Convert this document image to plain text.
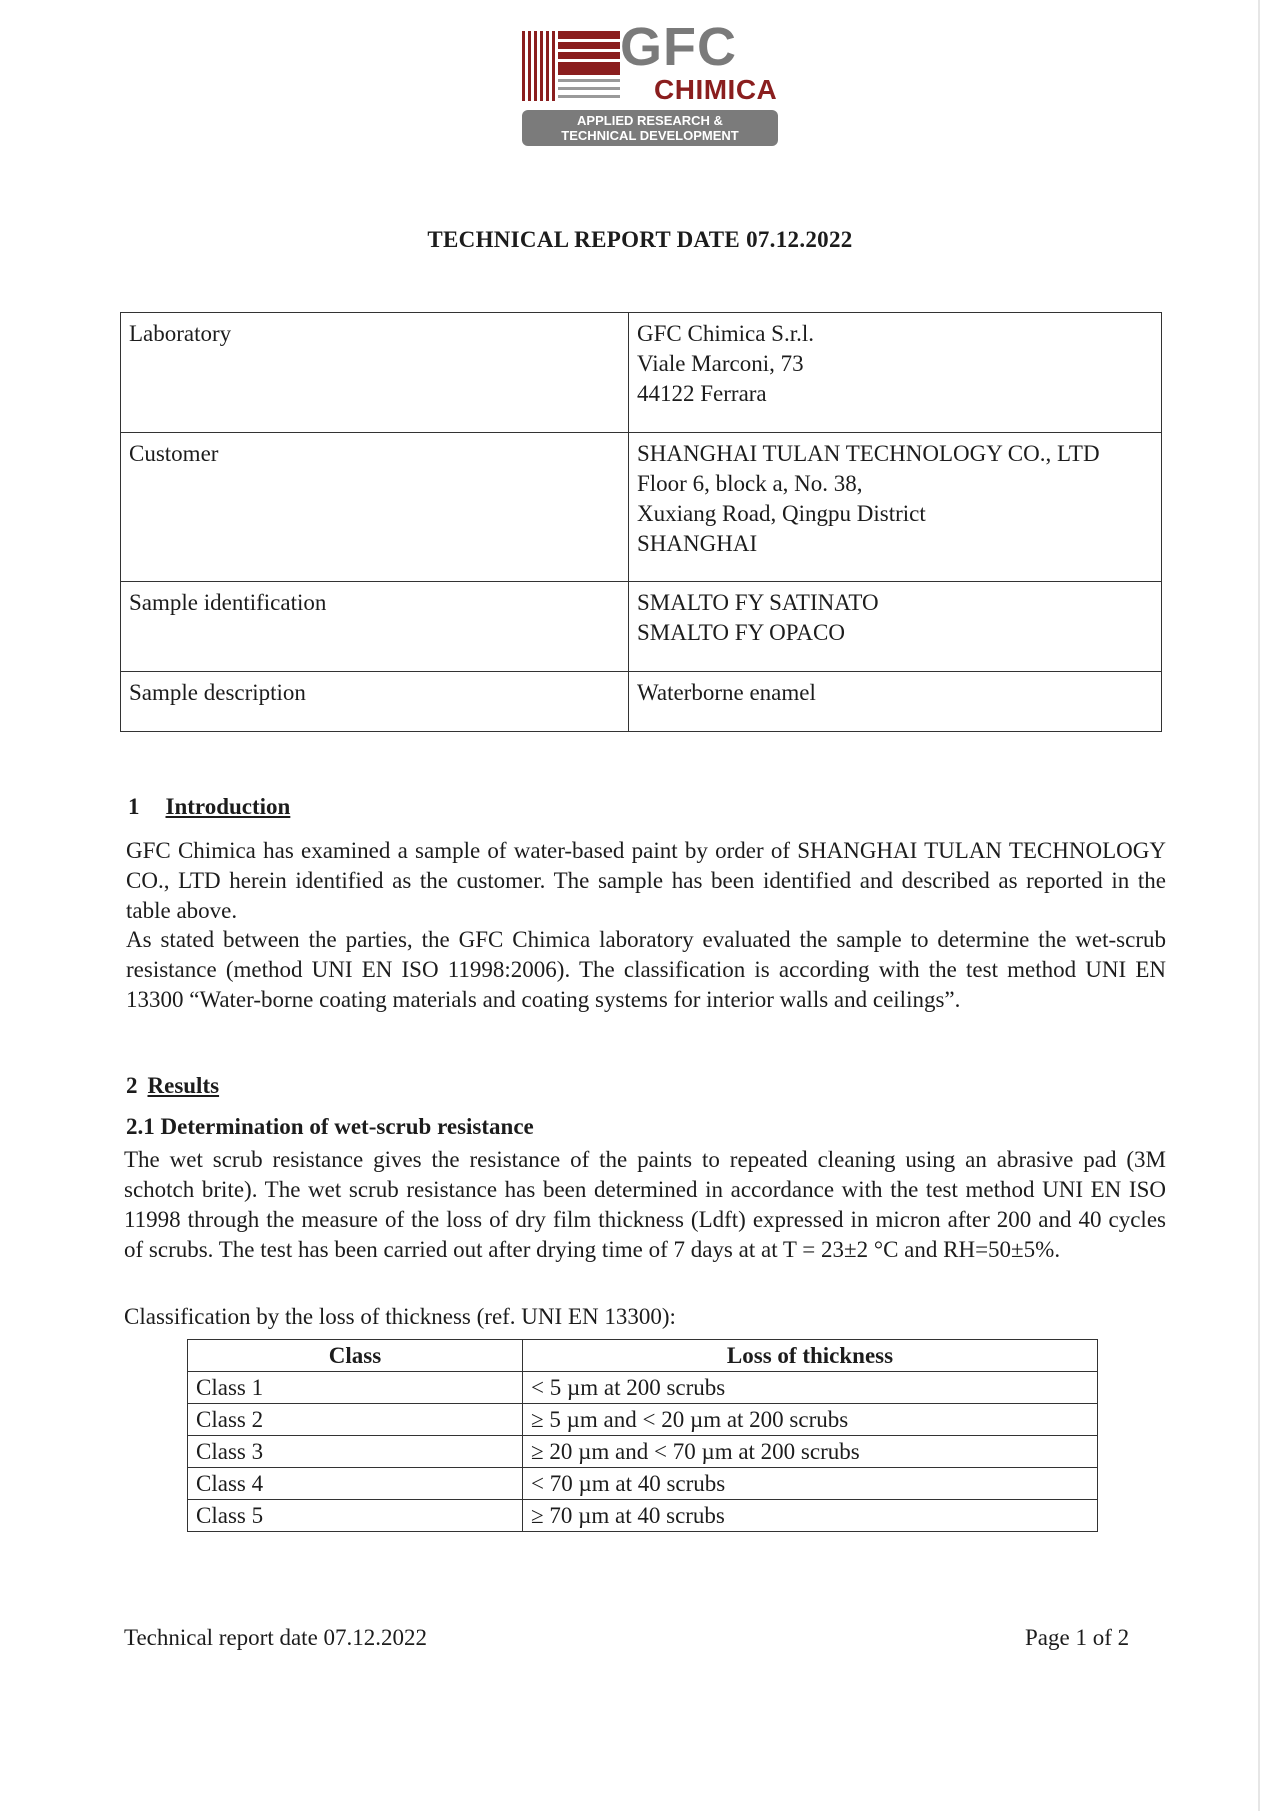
GFC
CHIMICA
APPLIED RESEARCH &
TECHNICAL DEVELOPMENT
TECHNICAL REPORT DATE 07.12.2022
Laboratory	GFC Chimica S.r.l.
Viale Marconi, 73
44122 Ferrara

Customer	SHANGHAI TULAN TECHNOLOGY CO., LTD
Floor 6, block a, No. 38,
Xuxiang Road, Qingpu District
SHANGHAI

Sample identification	SMALTO FY SATINATO
SMALTO FY OPACO

Sample description	Waterborne enamel
1 Introduction
GFC Chimica has examined a sample of water-based paint by order of SHANGHAI TULAN TECHNOLOGY CO., LTD herein identified as the customer. The sample has been identified and described as reported in the table above.
As stated between the parties, the GFC Chimica laboratory evaluated the sample to determine the wet-scrub resistance (method UNI EN ISO 11998:2006). The classification is according with the test method UNI EN 13300 “Water-borne coating materials and coating systems for interior walls and ceilings”.
2 Results
2.1 Determination of wet-scrub resistance
The wet scrub resistance gives the resistance of the paints to repeated cleaning using an abrasive pad (3M schotch brite). The wet scrub resistance has been determined in accordance with the test method UNI EN ISO 11998 through the measure of the loss of dry film thickness (Ldft) expressed in micron after 200 and 40 cycles of scrubs. The test has been carried out after drying time of 7 days at at T = 23±2 °C and RH=50±5%.
Classification by the loss of thickness (ref. UNI EN 13300):
Class	Loss of thickness
Class 1	< 5 µm at 200 scrubs
Class 2	≥ 5 µm and < 20 µm at 200 scrubs
Class 3	≥ 20 µm and < 70 µm at 200 scrubs
Class 4	< 70 µm at 40 scrubs
Class 5	≥ 70 µm at 40 scrubs
Technical report date 07.12.2022	Page 1 of 2
